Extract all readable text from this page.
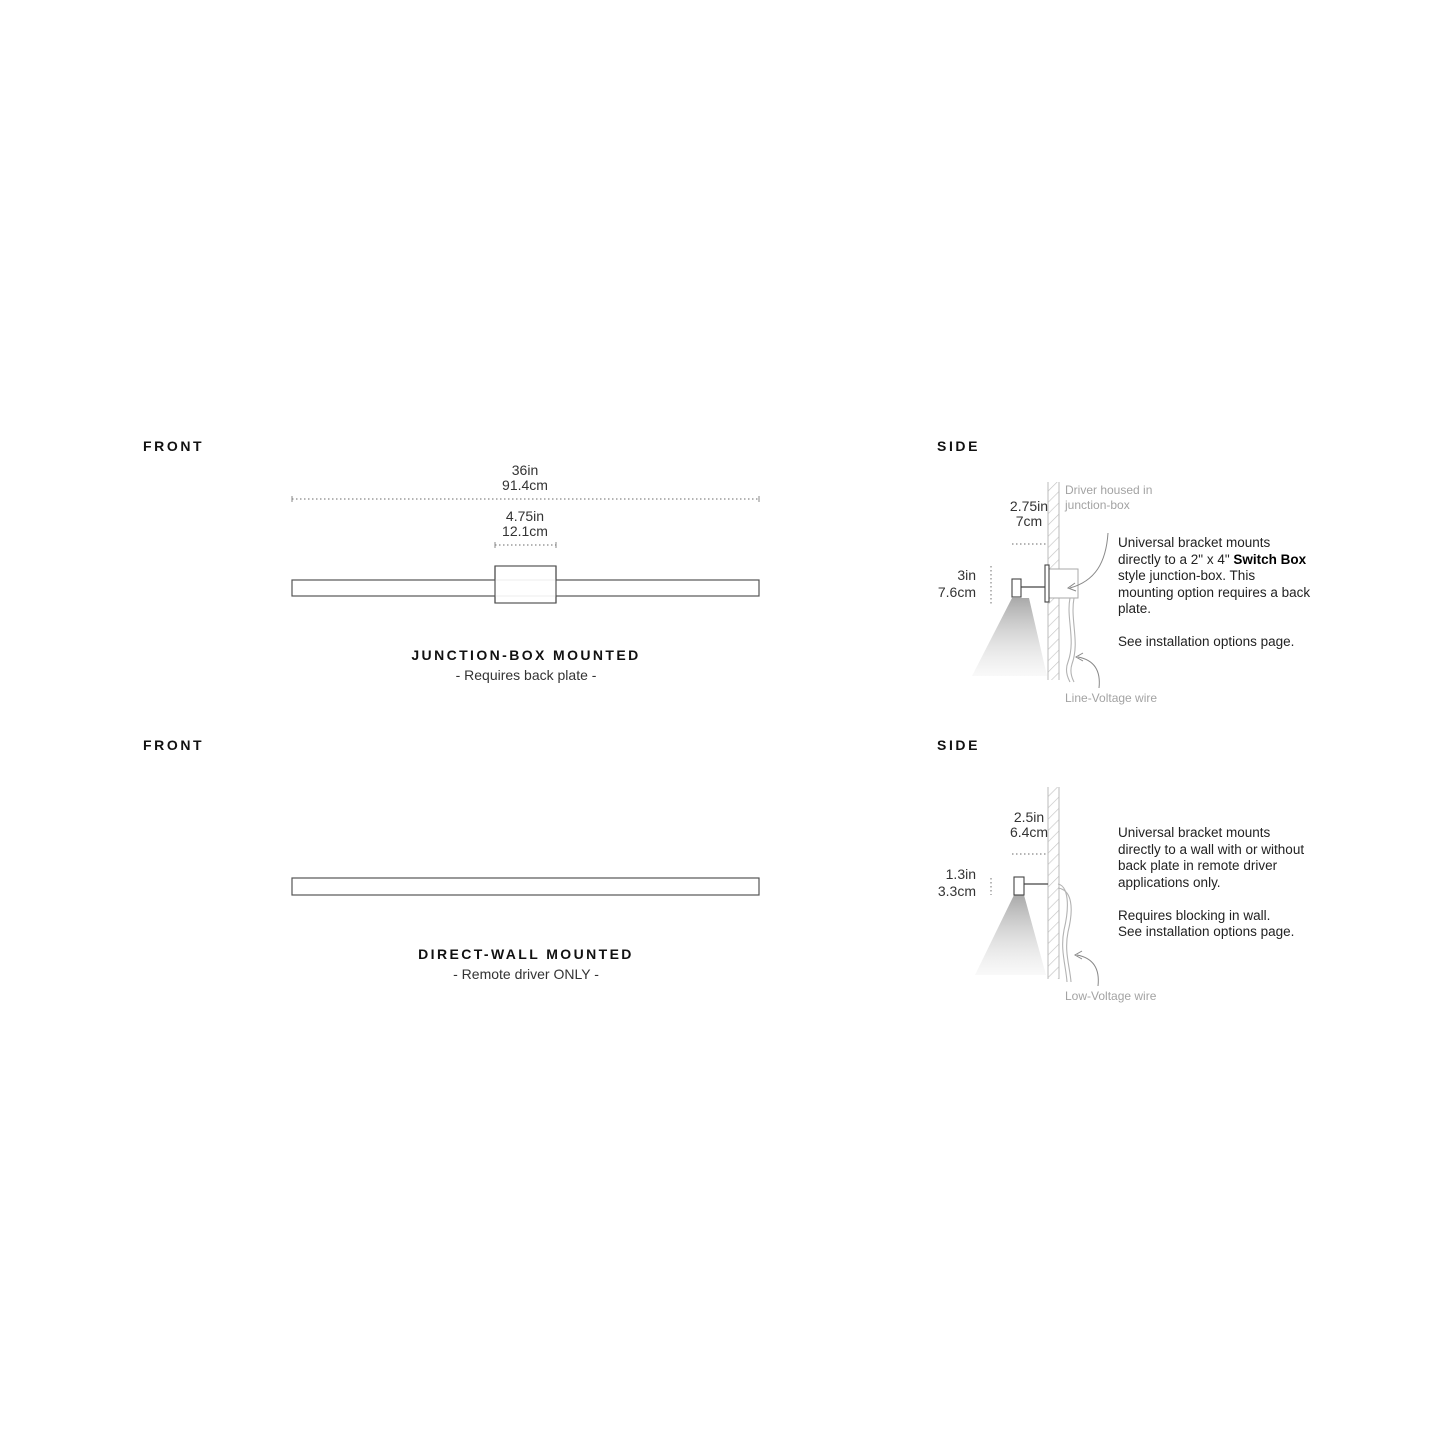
FRONT	SIDE
36in
91.4cm
4.75in
12.1cm
JUNCTION-BOX MOUNTED
- Requires back plate -
2.75in
7cm
3in
7.6cm
Driver housed in
junction-box
Line-Voltage wire

Universal bracket mounts directly to a 2" x 4" Switch Box style junction-box. This mounting option requires a back plate.

See installation options page.

FRONT	SIDE
DIRECT-WALL MOUNTED
- Remote driver ONLY -
2.5in
6.4cm
1.3in
3.3cm
Low-Voltage wire

Universal bracket mounts directly to a wall with or without back plate in remote driver applications only.

Requires blocking in wall.
See installation options page.
